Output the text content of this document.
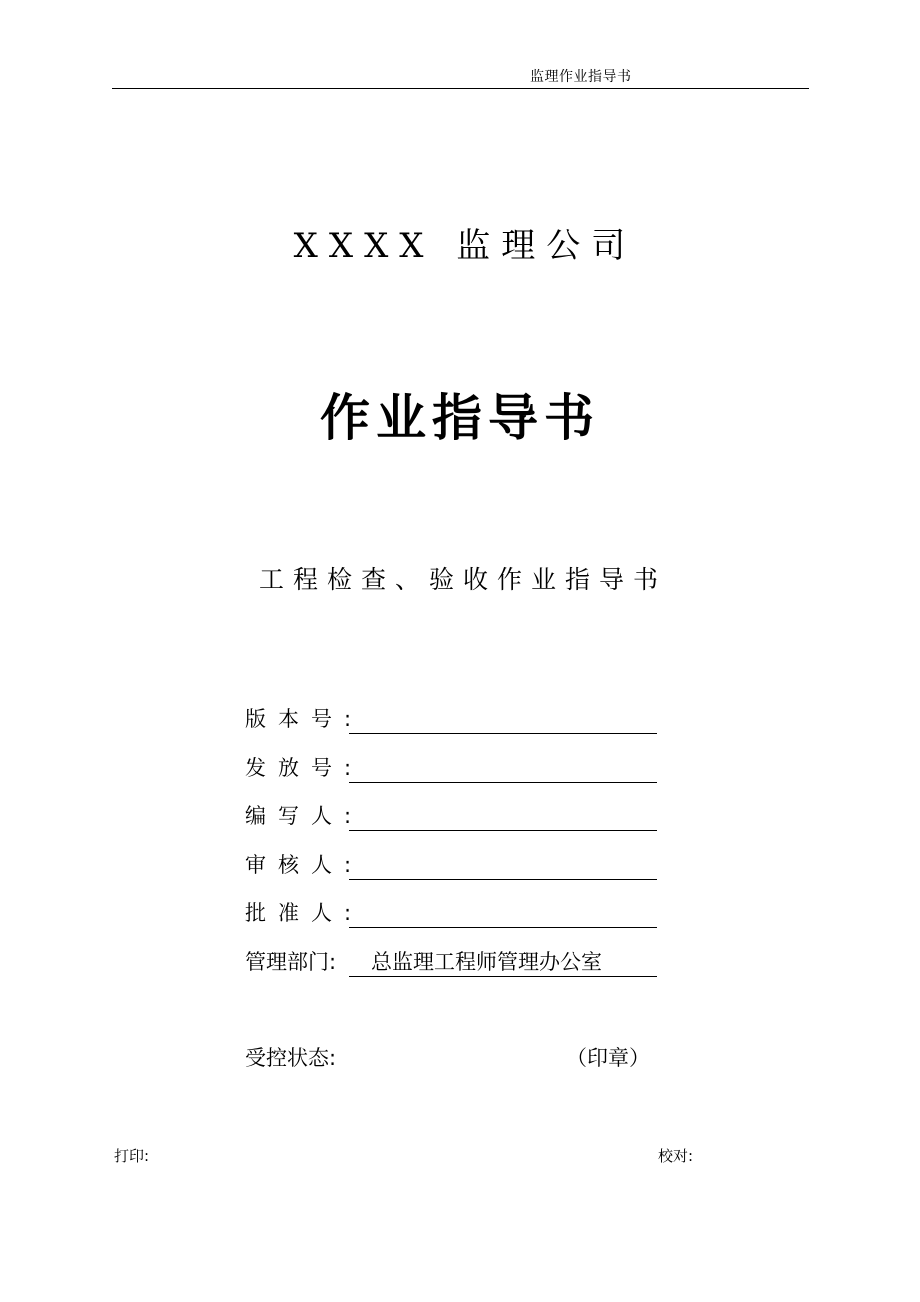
监理作业指导书
XXXX 监理公司
作业指导书
工程检查、验收作业指导书
版本号:
发放号:
编写人:
审核人:
批准人:
管理部门:	总监理工程师管理办公室
受控状态:	（印章）
打印:	校对:
